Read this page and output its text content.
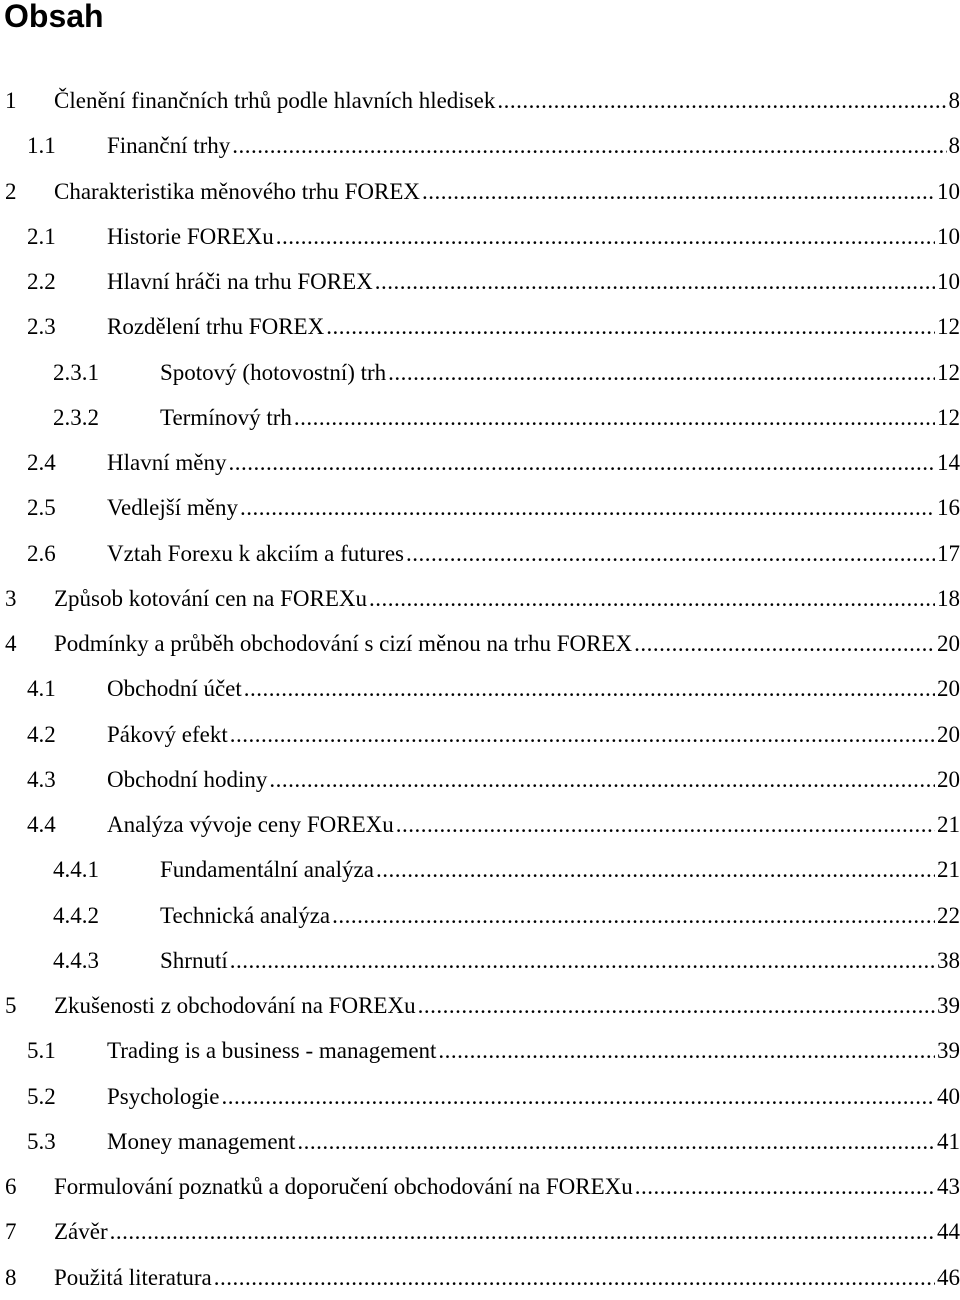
Obsah
1 Členění finančních trhů podle hlavních hledisek .....	8
1.1 Finanční trhy .....	8
2 Charakteristika měnového trhu FOREX .....	10
2.1 Historie FOREXu .....	10
2.2 Hlavní hráči na trhu FOREX .....	10
2.3 Rozdělení trhu FOREX .....	12
2.3.1	Spotový (hotovostní) trh .....	12
2.3.2	Termínový trh .....	12
2.4 Hlavní měny .....	14
2.5 Vedlejší měny .....	16
2.6 Vztah Forexu k akciím a futures .....	17
3 Způsob kotování cen na FOREXu .....	18
4 Podmínky a průběh obchodování s cizí měnou na trhu FOREX .....	20
4.1 Obchodní účet .....	20
4.2 Pákový efekt .....	20
4.3 Obchodní hodiny .....	20
4.4 Analýza vývoje ceny FOREXu .....	21
4.4.1	Fundamentální analýza .....	21
4.4.2	Technická analýza .....	22
4.4.3	Shrnutí .....	38
5 Zkušenosti z obchodování na FOREXu .....	39
5.1 Trading is a business - management .....	39
5.2 Psychologie .....	40
5.3 Money management .....	41
6 Formulování poznatků a doporučení obchodování na FOREXu .....	43
7 Závěr .....	44
8 Použitá literatura .....	46
